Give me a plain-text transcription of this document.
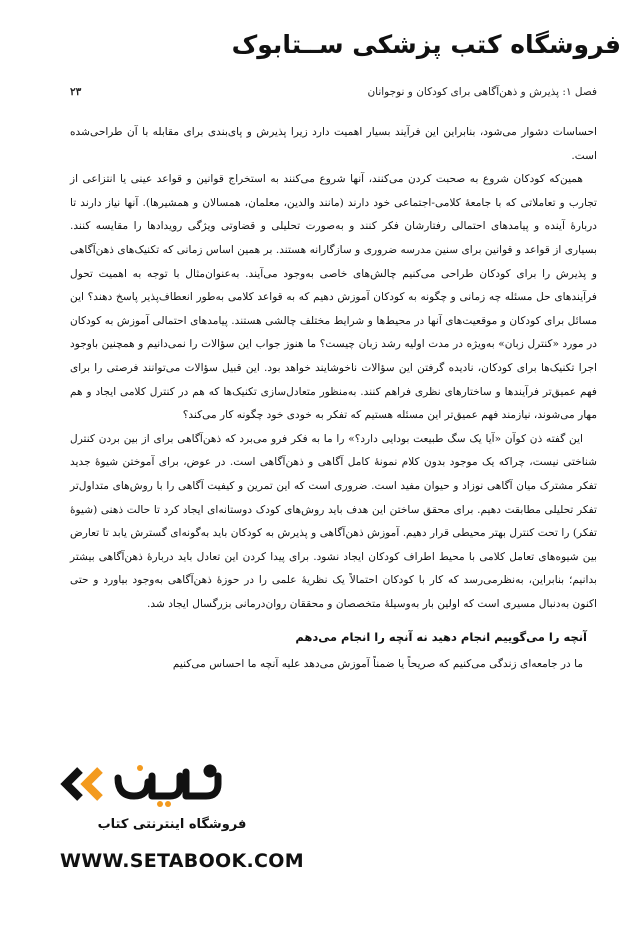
فروشگاه کتب پزشکی ســتابوک
فصل ۱: پذیرش و ذهن‌آگاهی برای کودکان و نوجوانان
۲۳

احساسات دشوار می‌شود، بنابراین این فرآیند بسیار اهمیت دارد زیرا پذیرش و پای‌بندی برای مقابله با آن طراحی‌شده است.

همین‌که کودکان شروع به صحبت کردن می‌کنند، آنها شروع می‌کنند به استخراج قوانین و قواعد عینی یا انتزاعی از تجارب و تعاملاتی که با جامعهٔ کلامی-اجتماعی خود دارند (مانند والدین، معلمان، همسالان و همشیرها). آنها نیاز دارند تا دربارهٔ آینده و پیامدهای احتمالی رفتارشان فکر کنند و به‌صورت تحلیلی و قضاوتی ویژگی رویدادها را مقایسه کنند. بسیاری از قواعد و قوانین برای سنین مدرسه ضروری و سازگارانه هستند. بر همین اساس زمانی که تکنیک‌های ذهن‌آگاهی و پذیرش را برای کودکان طراحی می‌کنیم چالش‌های خاصی به‌وجود می‌آیند. به‌عنوان‌مثال با توجه به اهمیت تحول فرآیندهای حل مسئله چه زمانی و چگونه به کودکان آموزش دهیم که به قواعد کلامی به‌طور انعطاف‌پذیر پاسخ دهند؟ این مسائل برای کودکان و موقعیت‌های آنها در محیط‌ها و شرایط مختلف چالشی هستند. پیامدهای احتمالی آموزش به کودکان در مورد «کنترل زبان» به‌ویژه در مدت اولیه رشد زبان چیست؟ ما هنوز جواب این سؤالات را نمی‌دانیم و همچنین باوجود اجرا تکنیک‌ها برای کودکان، نادیده گرفتن این سؤالات ناخوشایند خواهد بود. این قبیل سؤالات می‌توانند فرصتی را برای فهم عمیق‌تر فرآیندها و ساختارهای نظری فراهم کنند. به‌منظور متعادل‌سازی تکنیک‌ها که هم در کنترل کلامی ایجاد و هم مهار می‌شوند، نیازمند فهم عمیق‌تر این مسئله هستیم که تفکر به خودی خود چگونه کار می‌کند؟

این گفته ذن کوآن «آیا یک سگ طبیعت بودایی دارد؟» را ما به فکر فرو می‌برد که ذهن‌آگاهی برای از بین بردن کنترل شناختی نیست، چراکه یک موجود بدون کلام نمونهٔ کامل آگاهی و ذهن‌آگاهی است. در عوض، برای آموختن شیوهٔ جدید تفکر مشترک میان آگاهی نوزاد و حیوان مفید است. ضروری است که این تمرین و کیفیت آگاهی را با روش‌های متداول‌تر تفکر تحلیلی مطابقت دهیم. برای محقق ساختن این هدف باید روش‌های کودک دوستانه‌ای ایجاد کرد تا حالت ذهنی (شیوهٔ تفکر) را تحت کنترل بهتر محیطی قرار دهیم. آموزش ذهن‌آگاهی و پذیرش به کودکان باید به‌گونه‌ای گسترش یابد تا تعارض بین شیوه‌های تعامل کلامی با محیط اطراف کودکان ایجاد نشود. برای پیدا کردن این تعادل باید دربارهٔ ذهن‌آگاهی بیشتر بدانیم؛ بنابراین، به‌نظرمی‌رسد که کار با کودکان احتمالاً یک نظریهٔ علمی را در حوزهٔ ذهن‌آگاهی به‌وجود بیاورد و حتی اکنون به‌دنبال مسیری است که اولین بار به‌وسیلهٔ متخصصان و محققان روان‌درمانی بزرگسال ایجاد شد.

آنچه را می‌گوییم انجام دهید نه آنچه را انجام می‌دهم

ما در جامعه‌ای زندگی می‌کنیم که صریحاً یا ضمناً آموزش می‌دهد علیه آنچه ما احساس می‌کنیم

فروشگاه اینترنتی کتاب
WWW.SETABOOK.COM
